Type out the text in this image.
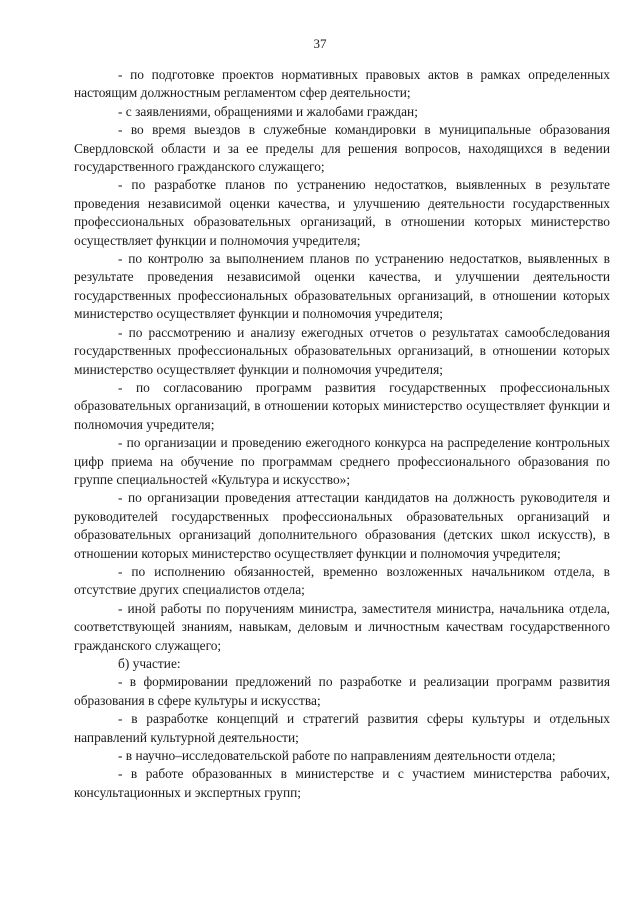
37

- по подготовке проектов нормативных правовых актов в рамках определенных настоящим должностным регламентом сфер деятельности;

- с заявлениями, обращениями и жалобами граждан;

- во время выездов в служебные командировки в муниципальные образования Свердловской области и за ее пределы для решения вопросов, находящихся в ведении государственного гражданского служащего;

- по разработке планов по устранению недостатков, выявленных в результате проведения независимой оценки качества, и улучшению деятельности государственных профессиональных образовательных организаций, в отношении которых министерство осуществляет функции и полномочия учредителя;

- по контролю за выполнением планов по устранению недостатков, выявленных в результате проведения независимой оценки качества, и улучшении деятельности государственных профессиональных образовательных организаций, в отношении которых министерство осуществляет функции и полномочия учредителя;

- по рассмотрению и анализу ежегодных отчетов о результатах самообследования государственных профессиональных образовательных организаций, в отношении которых министерство осуществляет функции и полномочия учредителя;

- по согласованию программ развития государственных профессиональных образовательных организаций, в отношении которых министерство осуществляет функции и полномочия учредителя;

- по организации и проведению ежегодного конкурса на распределение контрольных цифр приема на обучение по программам среднего профессионального образования по группе специальностей «Культура и искусство»;

- по организации проведения аттестации кандидатов на должность руководителя и руководителей государственных профессиональных образовательных организаций и образовательных организаций дополнительного образования (детских школ искусств), в отношении которых министерство осуществляет функции и полномочия учредителя;

- по исполнению обязанностей, временно возложенных начальником отдела, в отсутствие других специалистов отдела;

- иной работы по поручениям министра, заместителя министра, начальника отдела, соответствующей знаниям, навыкам, деловым и личностным качествам государственного гражданского служащего;

б) участие:

- в формировании предложений по разработке и реализации программ развития образования в сфере культуры и искусства;

- в разработке концепций и стратегий развития сферы культуры и отдельных направлений культурной деятельности;

- в научно–исследовательской работе по направлениям деятельности отдела;

- в работе образованных в министерстве и с участием министерства рабочих, консультационных и экспертных групп;
